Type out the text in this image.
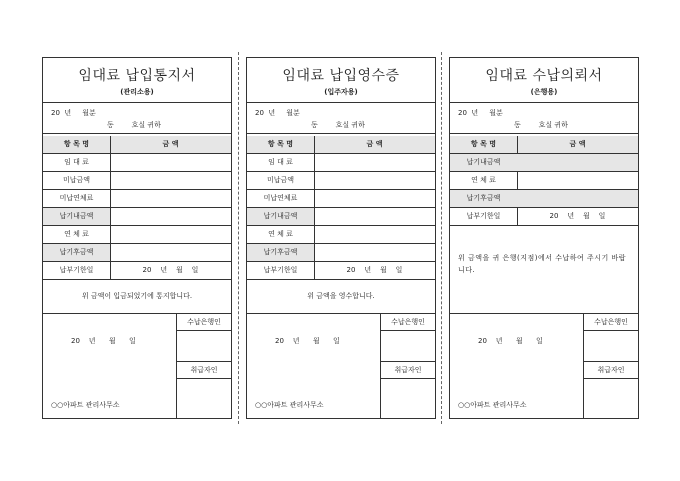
임대료 납입통지서
(관리소용)
20  년     월분
동        호실 귀하
항 목 명	금 액
임 대 료
미납금액
미납연체료
납기내금액
연 체 료
납기후금액
납부기한일	20    년    월    일
위 금액이 입금되었기에 통지합니다.
20    년      월      일
○○아파트 관리사무소
수납은행인
취급자인
임대료 납입영수증
(입주자용)
20  년     월분
동        호실 귀하
항 목 명	금 액
임 대 료
미납금액
미납연체료
납기내금액
연 체 료
납기후금액
납부기한일	20    년    월    일
위 금액을 영수합니다.
20    년      월      일
○○아파트 관리사무소
수납은행인
취급자인
임대료 수납의뢰서
(은행용)
20  년     월분
동        호실 귀하
항 목 명	금 액
납기내금액
연 체 료
납기후금액
납부기한일	20    년    월    일
위 금액을 귀 은행(지점)에서 수납하여 주시기 바랍니다.
20    년      월      일
○○아파트 관리사무소
수납은행인
취급자인
